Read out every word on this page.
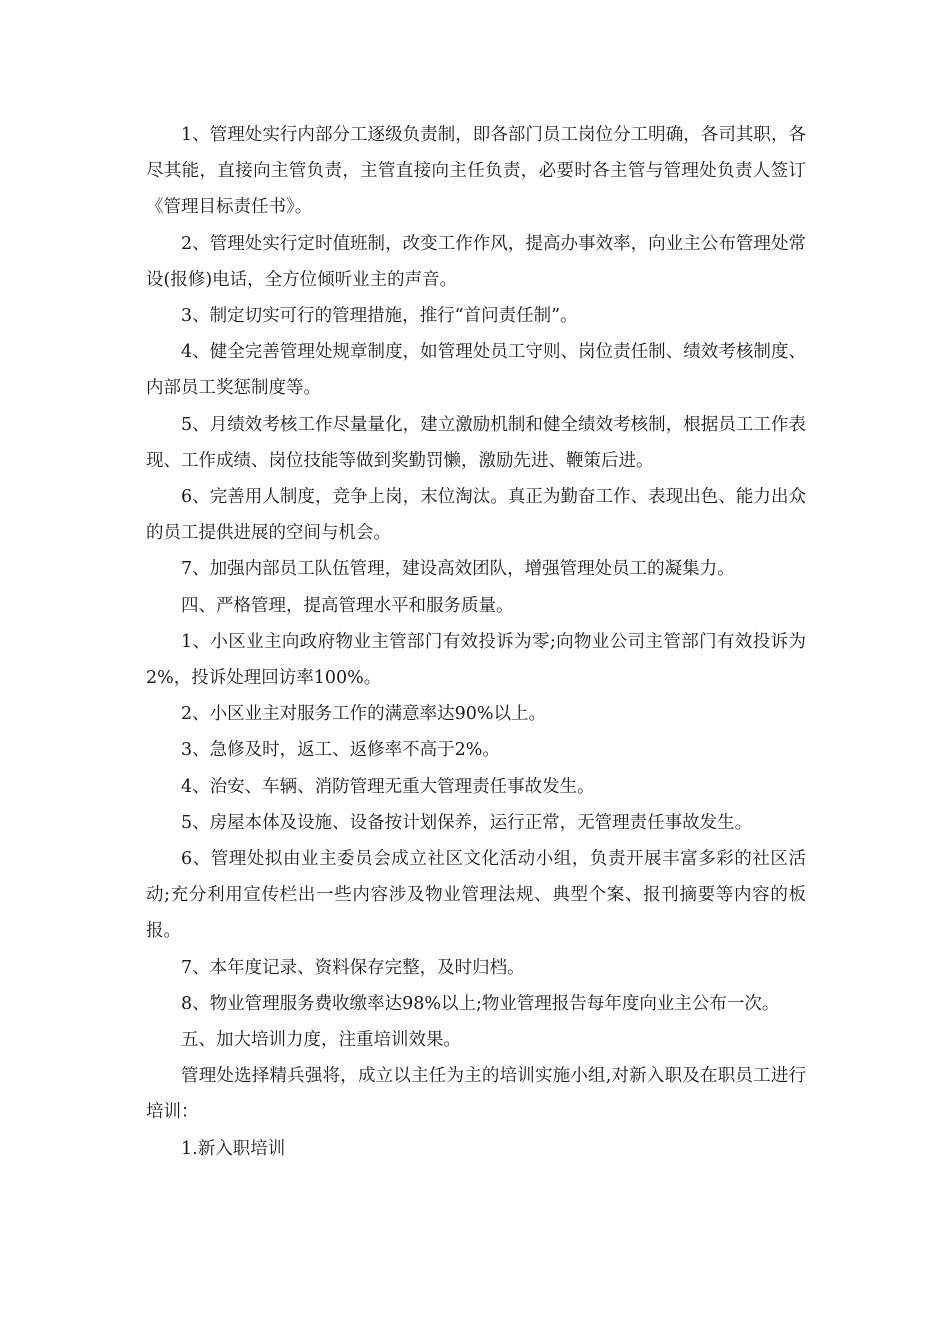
1、管理处实行内部分工逐级负责制，即各部门员工岗位分工明确，各司其职，各尽其能，直接向主管负责，主管直接向主任负责，必要时各主管与管理处负责人签订《管理目标责任书》。

2、管理处实行定时值班制，改变工作作风，提高办事效率，向业主公布管理处常设(报修)电话，全方位倾听业主的声音。

3、制定切实可行的管理措施，推行“首问责任制”。

4、健全完善管理处规章制度，如管理处员工守则、岗位责任制、绩效考核制度、内部员工奖惩制度等。

5、月绩效考核工作尽量量化，建立激励机制和健全绩效考核制，根据员工工作表现、工作成绩、岗位技能等做到奖勤罚懒，激励先进、鞭策后进。

6、完善用人制度，竞争上岗，末位淘汰。真正为勤奋工作、表现出色、能力出众的员工提供进展的空间与机会。

7、加强内部员工队伍管理，建设高效团队，增强管理处员工的凝集力。

四、严格管理，提高管理水平和服务质量。

1、小区业主向政府物业主管部门有效投诉为零;向物业公司主管部门有效投诉为2%，投诉处理回访率100%。

2、小区业主对服务工作的满意率达90%以上。

3、急修及时，返工、返修率不高于2%。

4、治安、车辆、消防管理无重大管理责任事故发生。

5、房屋本体及设施、设备按计划保养，运行正常，无管理责任事故发生。

6、管理处拟由业主委员会成立社区文化活动小组，负责开展丰富多彩的社区活动;充分利用宣传栏出一些内容涉及物业管理法规、典型个案、报刊摘要等内容的板报。

7、本年度记录、资料保存完整，及时归档。

8、物业管理服务费收缴率达98%以上;物业管理报告每年度向业主公布一次。

五、加大培训力度，注重培训效果。

管理处选择精兵强将，成立以主任为主的培训实施小组,对新入职及在职员工进行培训：

1.新入职培训
